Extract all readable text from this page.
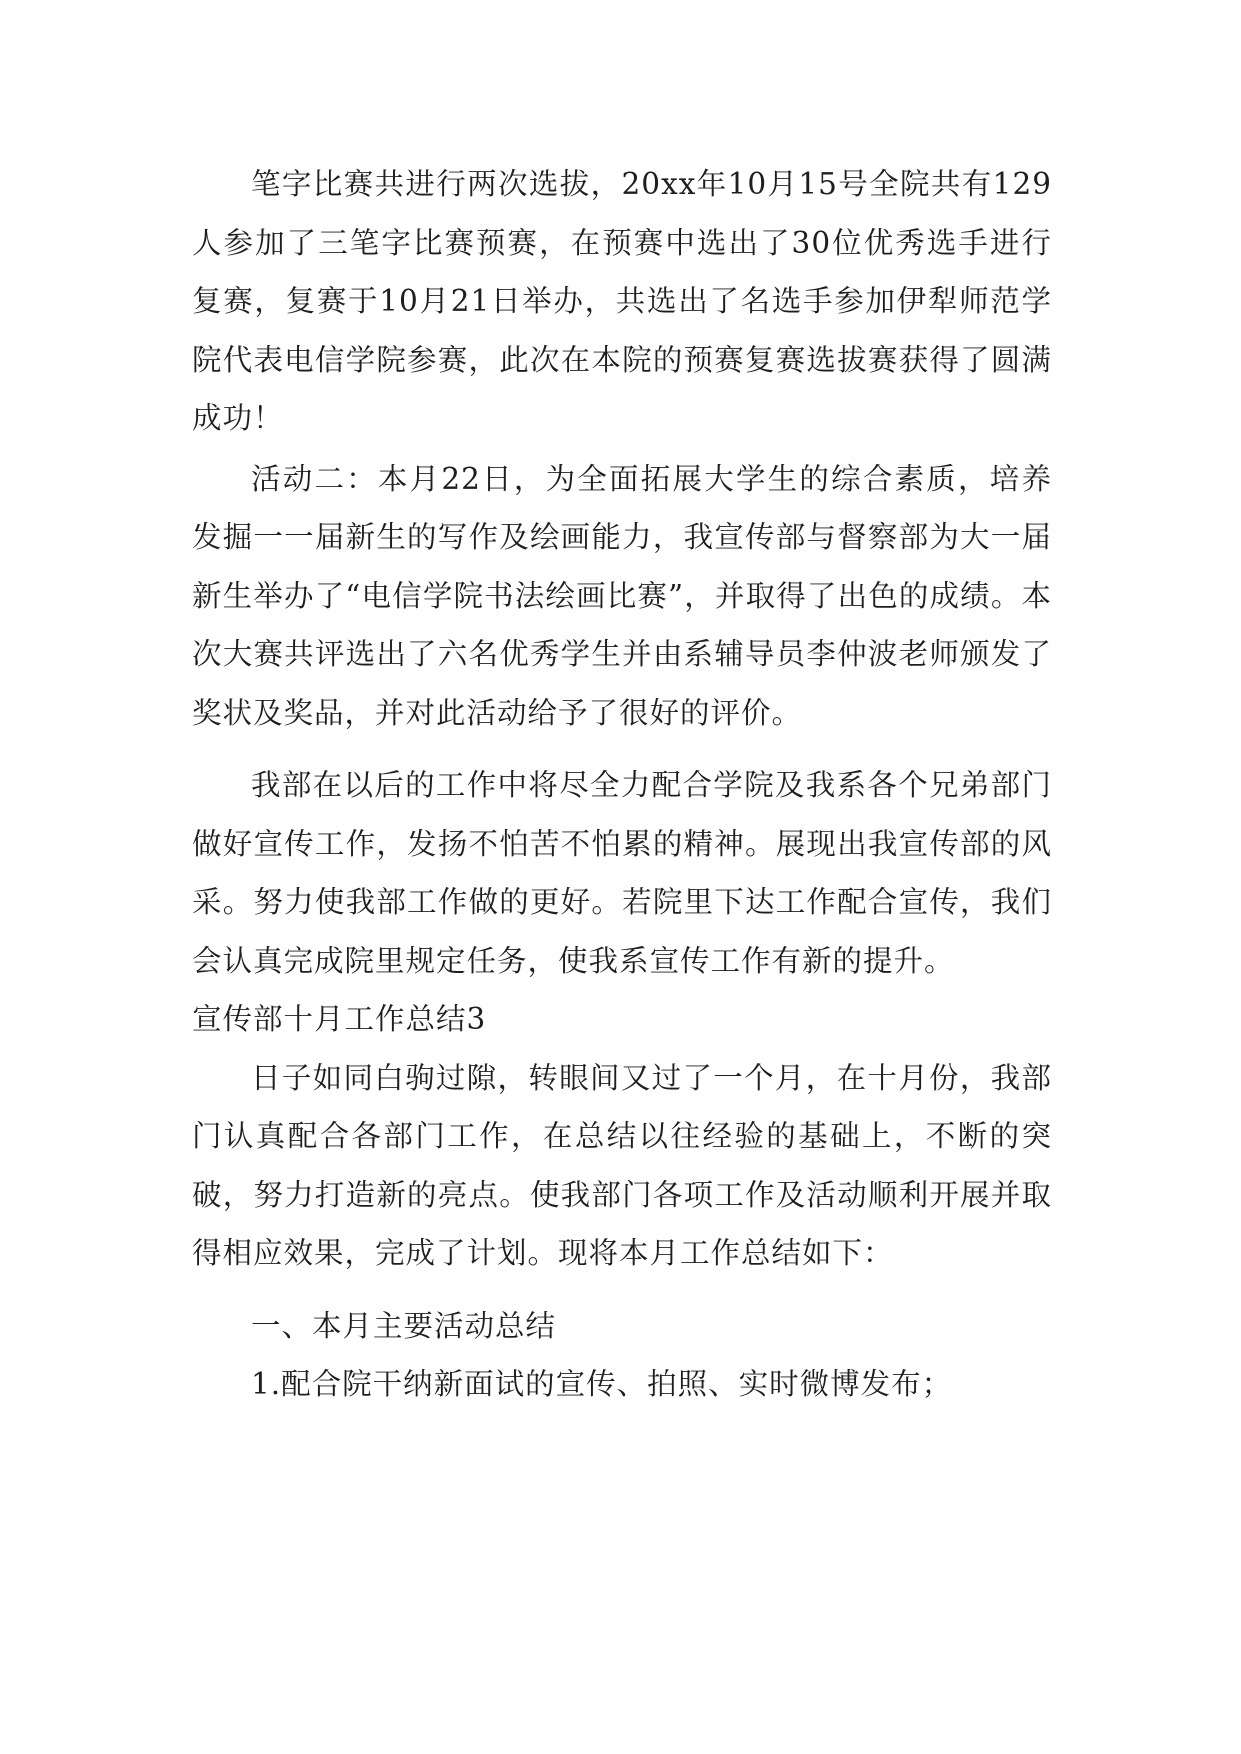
笔字比赛共进行两次选拔，20xx年10月15号全院共有129人参加了三笔字比赛预赛，在预赛中选出了30位优秀选手进行复赛，复赛于10月21日举办，共选出了名选手参加伊犁师范学院代表电信学院参赛，此次在本院的预赛复赛选拔赛获得了圆满成功！

活动二：本月22日，为全面拓展大学生的综合素质，培养发掘一一届新生的写作及绘画能力，我宣传部与督察部为大一届新生举办了“电信学院书法绘画比赛”，并取得了出色的成绩。本次大赛共评选出了六名优秀学生并由系辅导员李仲波老师颁发了奖状及奖品，并对此活动给予了很好的评价。

我部在以后的工作中将尽全力配合学院及我系各个兄弟部门做好宣传工作，发扬不怕苦不怕累的精神。展现出我宣传部的风采。努力使我部工作做的更好。若院里下达工作配合宣传，我们会认真完成院里规定任务，使我系宣传工作有新的提升。

宣传部十月工作总结3

日子如同白驹过隙，转眼间又过了一个月，在十月份，我部门认真配合各部门工作，在总结以往经验的基础上，不断的突破，努力打造新的亮点。使我部门各项工作及活动顺利开展并取得相应效果，完成了计划。现将本月工作总结如下：

一、本月主要活动总结

1.配合院干纳新面试的宣传、拍照、实时微博发布；
